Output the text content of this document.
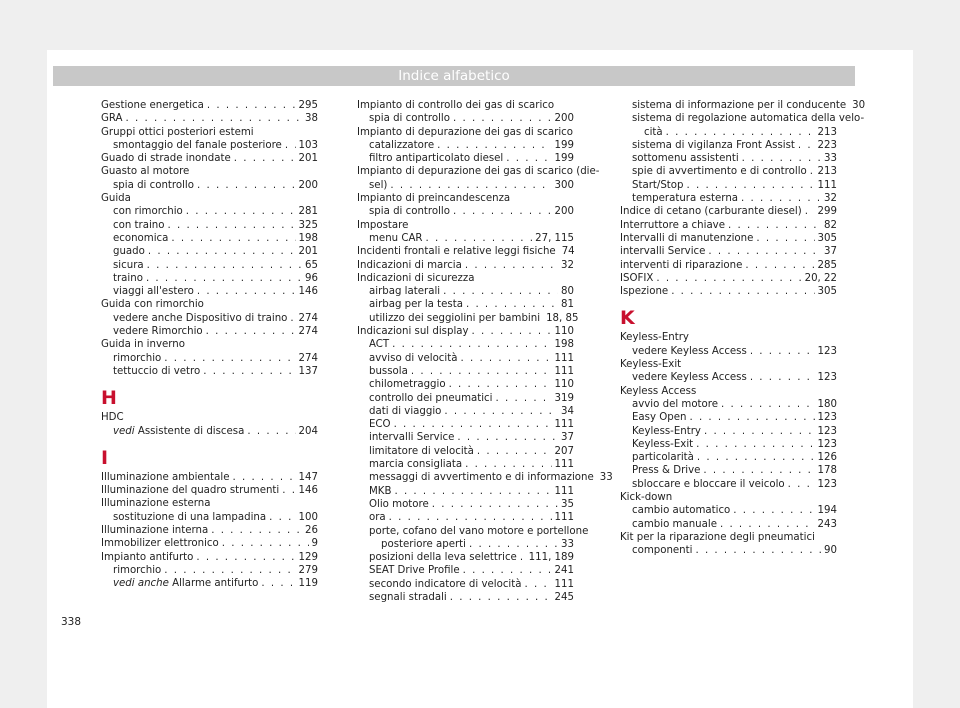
Indice alfabetico
Gestione energetica . . .	295
GRA . . .	38
Gruppi ottici posteriori estemi
smontaggio del fanale posteriore . . . 103
Guado di strade inondate . . .	201
Guasto al motore
spia di controllo . . .	200
Guida
con rimorchio . . .	281
con traino . . .	325
economica . . .	198
guado . . .	201
sicura . . .	65
traino . . .	96
viaggi all'estero . . .	146
Guida con rimorchio
vedere anche Dispositivo di traino . . . 274
vedere Rimorchio . . .	274
Guida in inverno
rimorchio . . .	274
tettuccio di vetro . . .	137
H
HDC
vedi Assistente di discesa . . .	204
I
Illuminazione ambientale . . .	147
Illuminazione del quadro strumenti . . . 146
Illuminazione esterna
sostituzione di una lampadina . . .	100
Illuminazione interna . . .	26
Immobilizer elettronico . . .	9
Impianto antifurto . . .	129
rimorchio . . .	279
vedi anche Allarme antifurto . . .	119
Impianto di controllo dei gas di scarico
spia di controllo . . .	200
Impianto di depurazione dei gas di scarico
catalizzatore . . .	199
filtro antiparticolato diesel . . .	199
Impianto di depurazione dei gas di scarico (die-
sel) . . .	300
Impianto di preincandescenza
spia di controllo . . .	200
Impostare
menu CAR . . .	27, 115
Incidenti frontali e relative leggi fisiche 74
Indicazioni di marcia . . .	32
Indicazioni di sicurezza
airbag laterali . . .	80
airbag per la testa . . .	81
utilizzo dei seggiolini per bambini 18, 85
Indicazioni sul display . . .	110
ACT . . .	198
avviso di velocità . . .	111
bussola . . .	111
chilometraggio . . .	110
controllo dei pneumatici . . .	319
dati di viaggio . . .	34
ECO . . .	111
intervalli Service . . .	37
limitatore di velocità . . .	207
marcia consigliata . . .	111
messaggi di avvertimento e di informazione 33
MKB . . .	111
Olio motore . . .	35
ora . . .	111
porte, cofano del vano motore e portellone
posteriore aperti . . .	33
posizioni della leva selettrice . . . 111, 189
SEAT Drive Profile . . .	241
secondo indicatore di velocità . . .	111
segnali stradali . . .	245
sistema di informazione per il conducente 30
sistema di regolazione automatica della velo-
cità . . .	213
sistema di vigilanza Front Assist . . . 223
sottomenu assistenti . . .	33
spie di avvertimento e di controllo . . . 213
Start/Stop . . .	111
temperatura esterna . . .	32
Indice di cetano (carburante diesel) . . . 299
Interruttore a chiave . . .	82
Intervalli di manutenzione . . .	305
intervalli Service . . .	37
interventi di riparazione . . .	285
ISOFIX . . .	20, 22
Ispezione . . .	305
K
Keyless-Entry
vedere Keyless Access . . .	123
Keyless-Exit
vedere Keyless Access . . .	123
Keyless Access
avvio del motore . . .	180
Easy Open . . .	123
Keyless-Entry . . .	123
Keyless-Exit . . .	123
particolarità . . .	126
Press & Drive . . .	178
sbloccare e bloccare il veicolo . . .	123
Kick-down
cambio automatico . . .	194
cambio manuale . . .	243
Kit per la riparazione degli pneumatici
componenti . . .	90
338
